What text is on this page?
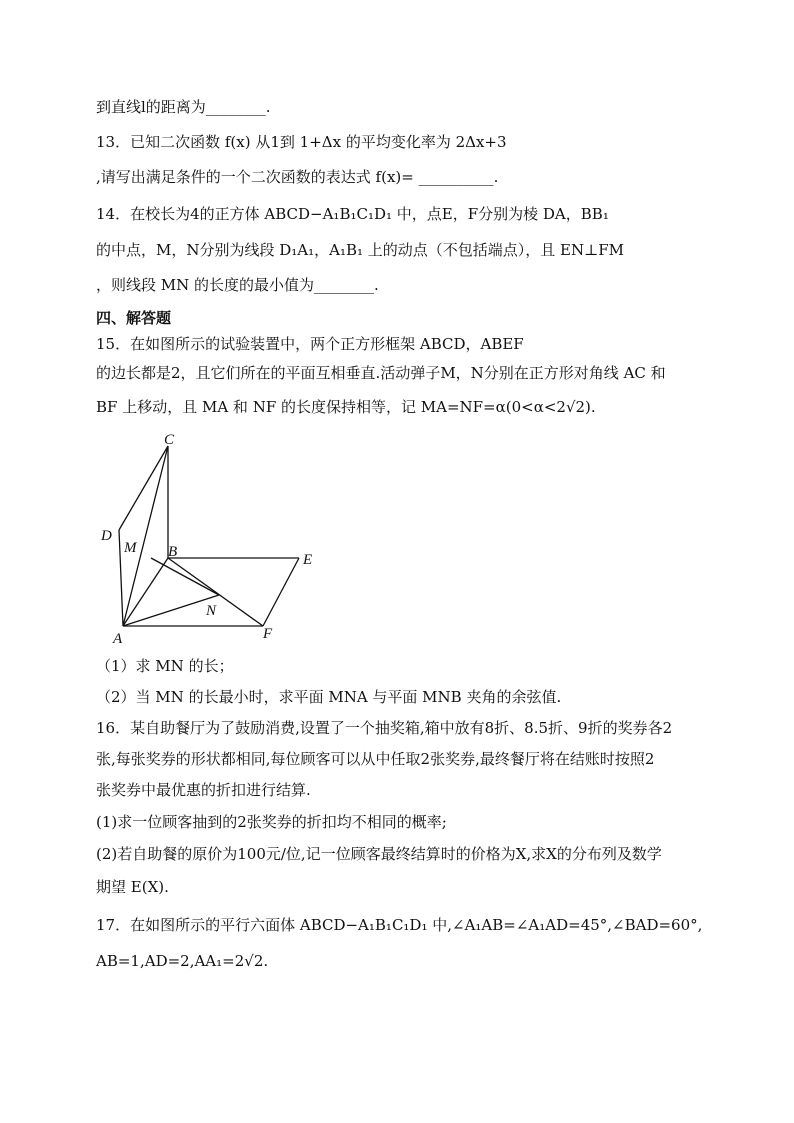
到直线l的距离为________.
13．已知二次函数 f(x) 从1到 1+Δx 的平均变化率为 2Δx+3
,请写出满足条件的一个二次函数的表达式 f(x)= __________.
14．在校长为4的正方体 ABCD−A₁B₁C₁D₁ 中，点E，F分别为棱 DA，BB₁
的中点，M，N分别为线段 D₁A₁，A₁B₁ 上的动点（不包括端点），且 EN⊥FM
，则线段 MN 的长度的最小值为________.
四、解答题
15．在如图所示的试验装置中，两个正方形框架 ABCD，ABEF
的边长都是2，且它们所在的平面互相垂直.活动弹子M，N分别在正方形对角线 AC 和
BF 上移动，且 MA 和 NF 的长度保持相等，记 MA=NF=α(0<α<2√2).
C
D
M B	E
N
A	F
（1）求 MN 的长；
（2）当 MN 的长最小时，求平面 MNA 与平面 MNB 夹角的余弦值.
16．某自助餐厅为了鼓励消费,设置了一个抽奖箱,箱中放有8折、8.5折、9折的奖券各2
张,每张奖券的形状都相同,每位顾客可以从中任取2张奖券,最终餐厅将在结账时按照2
张奖券中最优惠的折扣进行结算.
(1)求一位顾客抽到的2张奖券的折扣均不相同的概率;
(2)若自助餐的原价为100元/位,记一位顾客最终结算时的价格为X,求X的分布列及数学
期望 E(X).
17．在如图所示的平行六面体 ABCD−A₁B₁C₁D₁ 中,∠A₁AB=∠A₁AD=45°,∠BAD=60°,
AB=1,AD=2,AA₁=2√2.
